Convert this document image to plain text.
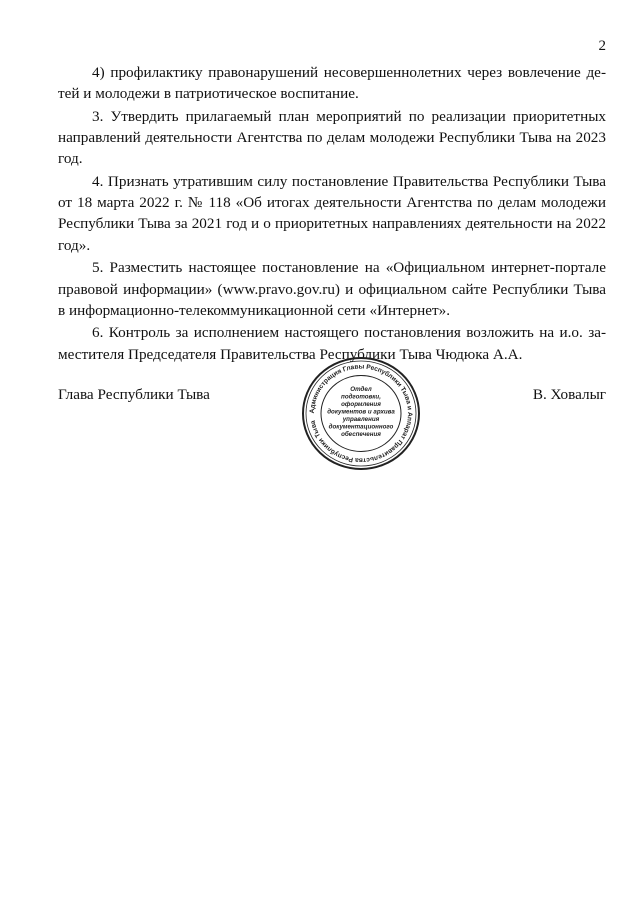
2

4) профилактику правонарушений несовершеннолетних через вовлечение детей и молодежи в патриотическое воспитание.

3. Утвердить прилагаемый план мероприятий по реализации приоритетных направлений деятельности Агентства по делам молодежи Республики Тыва на 2023 год.

4. Признать утратившим силу постановление Правительства Республики Тыва от 18 марта 2022 г. № 118 «Об итогах деятельности Агентства по делам молодежи Республики Тыва за 2021 год и о приоритетных направлениях деятельности на 2022 год».

5. Разместить настоящее постановление на «Официальном интернет-портале правовой информации» (www.pravo.gov.ru) и официальном сайте Республики Тыва в информационно-телекоммуникационной сети «Интернет».

6. Контроль за исполнением настоящего постановления возложить на и.о. заместителя Председателя Правительства Республики Тыва Чюдюка А.А.

Глава Республики Тыва
Администрация Главы Республики Тыва и Аппарат Правительства Республики Тыва
Отдел
подготовки,
оформления
документов и архива
управления
документационного
обеспечения
В. Ховалыг
